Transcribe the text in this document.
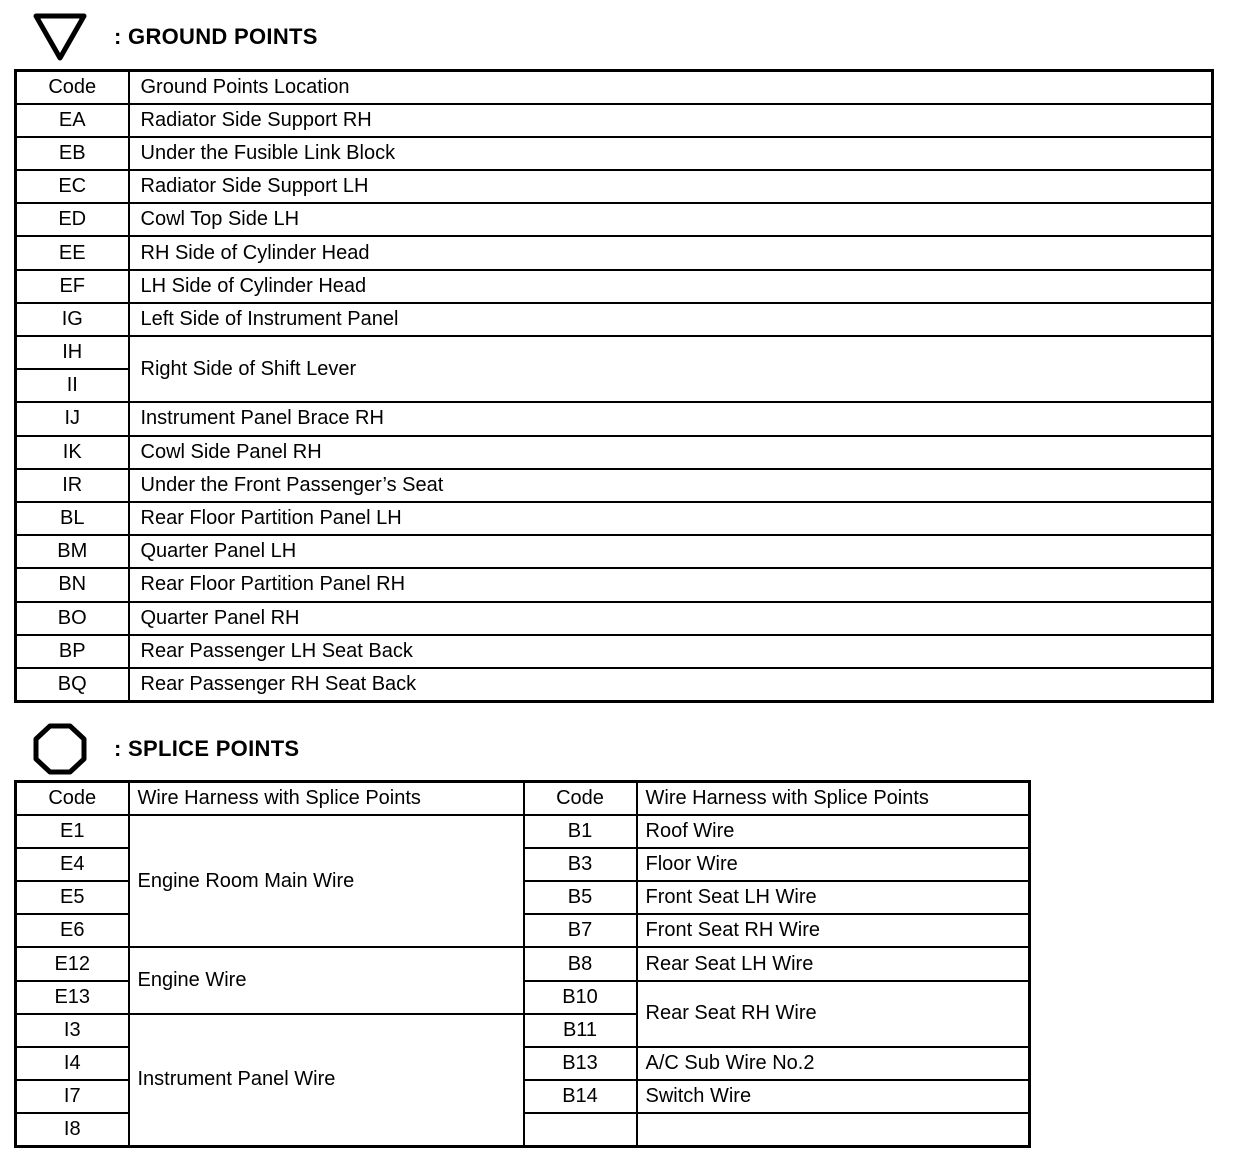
: GROUND POINTS
Code	Ground Points Location
EA	Radiator Side Support RH
EB	Under the Fusible Link Block
EC	Radiator Side Support LH
ED	Cowl Top Side LH
EE	RH Side of Cylinder Head
EF	LH Side of Cylinder Head
IG	Left Side of Instrument Panel
IH	Right Side of Shift Lever
II	
IJ	Instrument Panel Brace RH
IK	Cowl Side Panel RH
IR	Under the Front Passenger’s Seat
BL	Rear Floor Partition Panel LH
BM	Quarter Panel LH
BN	Rear Floor Partition Panel RH
BO	Quarter Panel RH
BP	Rear Passenger LH Seat Back
BQ	Rear Passenger RH Seat Back
: SPLICE POINTS
Code	Wire Harness with Splice Points	Code	Wire Harness with Splice Points
E1	Engine Room Main Wire	B1	Roof Wire
E4		B3	Floor Wire
E5		B5	Front Seat LH Wire
E6		B7	Front Seat RH Wire
E12	Engine Wire	B8	Rear Seat LH Wire
E13		B10	Rear Seat RH Wire
I3	Instrument Panel Wire	B11	
I4		B13	A/C Sub Wire No.2
I7		B14	Switch Wire
I8			
